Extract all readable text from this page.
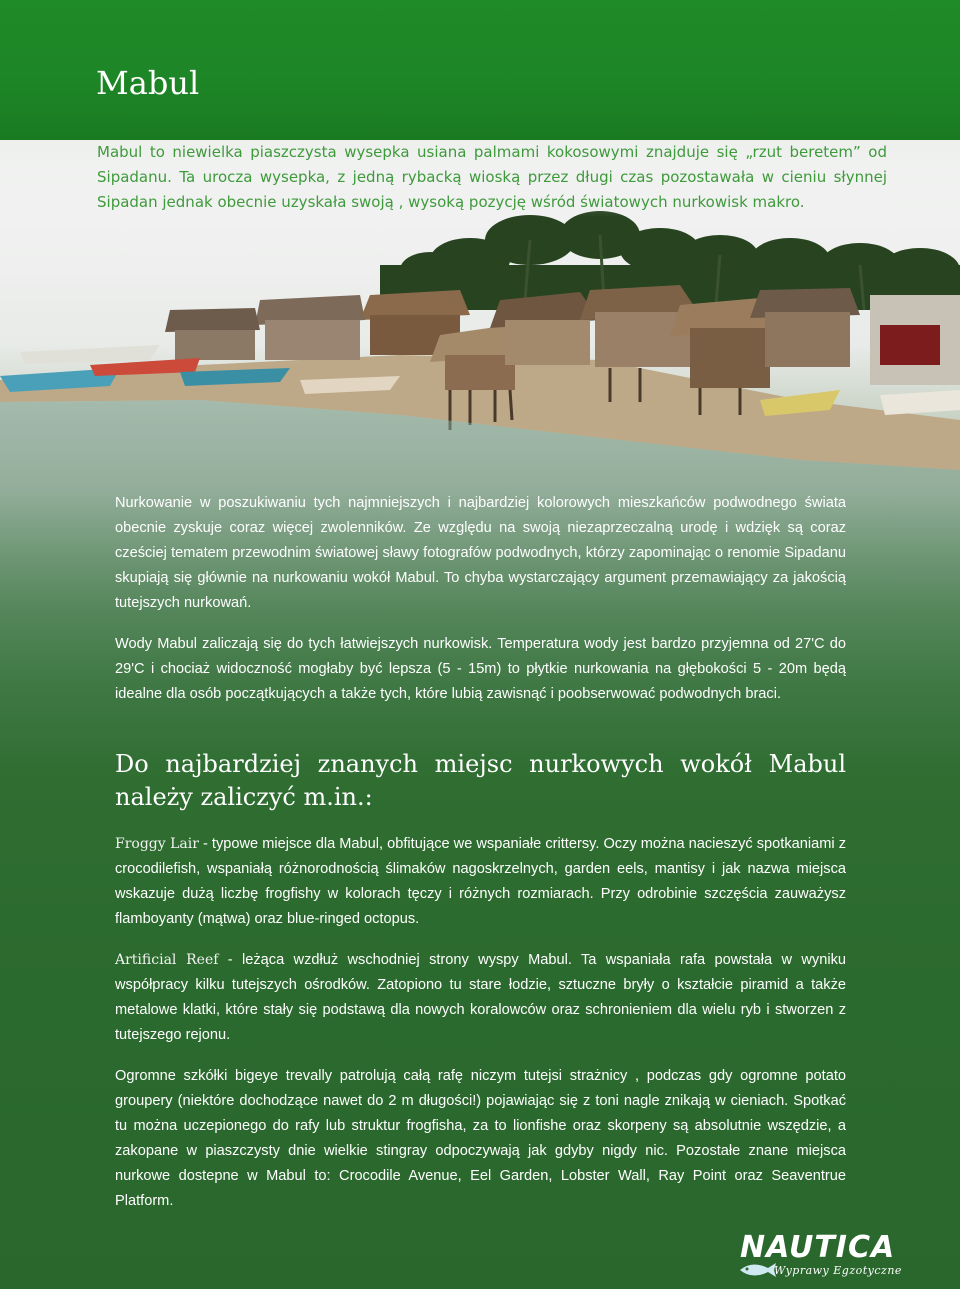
Mabul

Mabul to niewielka piaszczysta wysepka usiana palmami kokosowymi znajduje się „rzut beretem” od Sipadanu. Ta urocza wysepka, z jedną rybacką wioską przez długi czas pozostawała w cieniu słynnej Sipadan jednak obecnie uzyskała swoją , wysoką pozycję wśród światowych nurkowisk makro.

Nurkowanie w poszukiwaniu tych najmniejszych i najbardziej kolorowych mieszkańców podwodnego świata obecnie zyskuje coraz więcej zwolenników. Ze względu na swoją niezaprzeczalną urodę i wdzięk są coraz cześciej tematem przewodnim światowej sławy fotografów podwodnych, którzy zapominając o renomie Sipadanu skupiają się głównie na nurkowaniu wokół Mabul. To chyba wystarczający argument przemawiający za jakością tutejszych nurkowań.

Wody Mabul zaliczają się do tych łatwiejszych nurkowisk. Temperatura wody jest bardzo przyjemna od 27'C do 29'C i chociaż widoczność mogłaby być lepsza (5 - 15m) to płytkie nurkowania na głębokości 5 - 20m będą idealne dla osób początkujących a także tych, które lubią zawisnąć i poobserwować podwodnych braci.

Do najbardziej znanych miejsc nurkowych wokół Mabul należy zaliczyć m.in.:

Froggy Lair - typowe miejsce dla Mabul, obfitujące we wspaniałe crittersy. Oczy można nacieszyć spotkaniami z crocodilefish, wspaniałą różnorodnością ślimaków nagoskrzelnych, garden eels, mantisy i jak nazwa miejsca wskazuje dużą liczbę frogfishy w kolorach tęczy i różnych rozmiarach. Przy odrobinie szczęścia zauważysz flamboyanty (mątwa) oraz blue-ringed octopus.

Artificial Reef - leżąca wzdłuż wschodniej strony wyspy Mabul. Ta wspaniała rafa powstała w wyniku współpracy kilku tutejszych ośrodków. Zatopiono tu stare łodzie, sztuczne bryły o kształcie piramid a także metalowe klatki, które stały się podstawą dla nowych koralowców oraz schronieniem dla wielu ryb i stworzen z tutejszego rejonu.

Ogromne szkółki bigeye trevally patrolują całą rafę niczym tutejsi strażnicy , podczas gdy ogromne potato groupery (niektóre dochodzące nawet do 2 m długości!) pojawiając się z toni nagle znikają w cieniach. Spotkać tu można uczepionego do rafy lub struktur frogfisha, za to lionfishe oraz skorpeny są absolutnie wszędzie, a zakopane w piaszczysty dnie wielkie stingray odpoczywają jak gdyby nigdy nic. Pozostałe znane miejsca nurkowe dostepne w Mabul to: Crocodile Avenue, Eel Garden, Lobster Wall, Ray Point oraz Seaventrue Platform.

NAUTICA
Wyprawy Egzotyczne
